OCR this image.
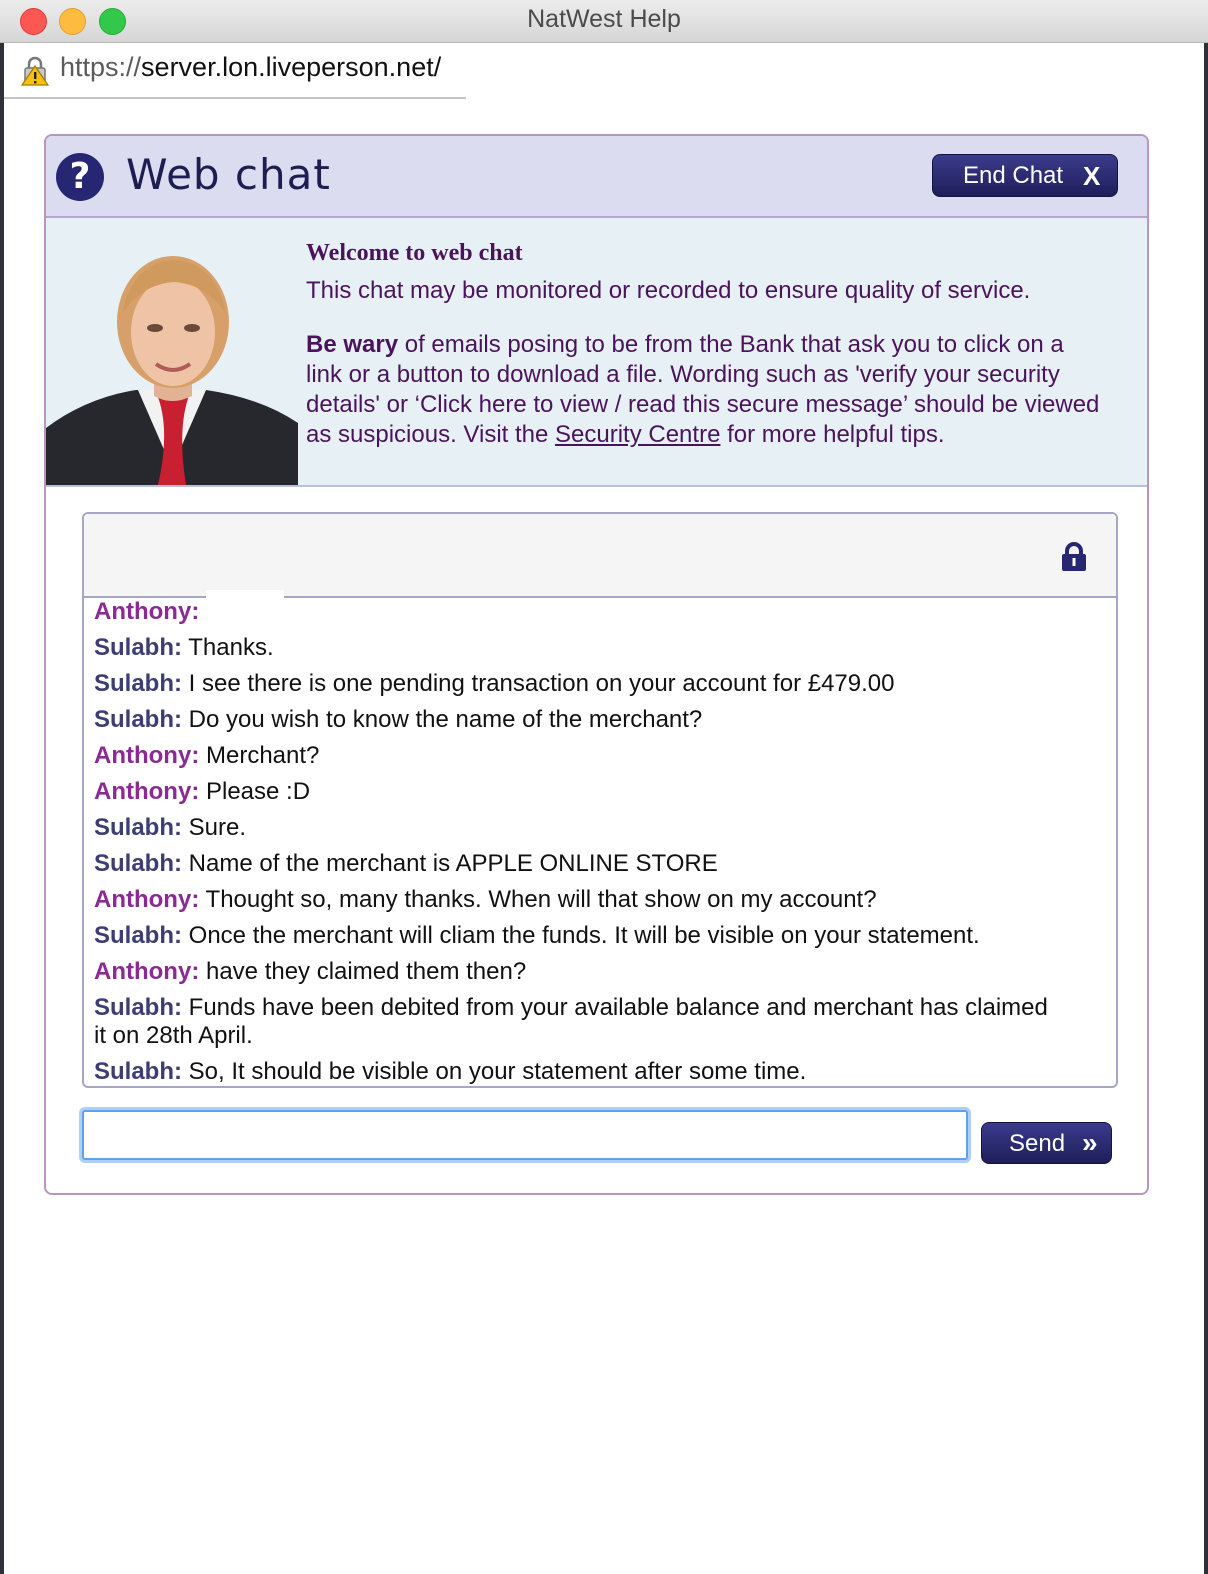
NatWest Help
https://server.lon.liveperson.net/
? Web chat	End Chat X
Welcome to web chat

This chat may be monitored or recorded to ensure quality of service.

Be wary of emails posing to be from the Bank that ask you to click on a link or a button to download a file. Wording such as 'verify your security details' or ‘Click here to view / read this secure message’ should be viewed as suspicious. Visit the Security Centre for more helpful tips.

Anthony:
Sulabh: Thanks.
Sulabh: I see there is one pending transaction on your account for £479.00
Sulabh: Do you wish to know the name of the merchant?
Anthony: Merchant?
Anthony: Please :D
Sulabh: Sure.
Sulabh: Name of the merchant is APPLE ONLINE STORE
Anthony: Thought so, many thanks. When will that show on my account?
Sulabh: Once the merchant will cliam the funds. It will be visible on your statement.
Anthony: have they claimed them then?
Sulabh: Funds have been debited from your available balance and merchant has claimed it on 28th April.
Sulabh: So, It should be visible on your statement after some time.
Send »
